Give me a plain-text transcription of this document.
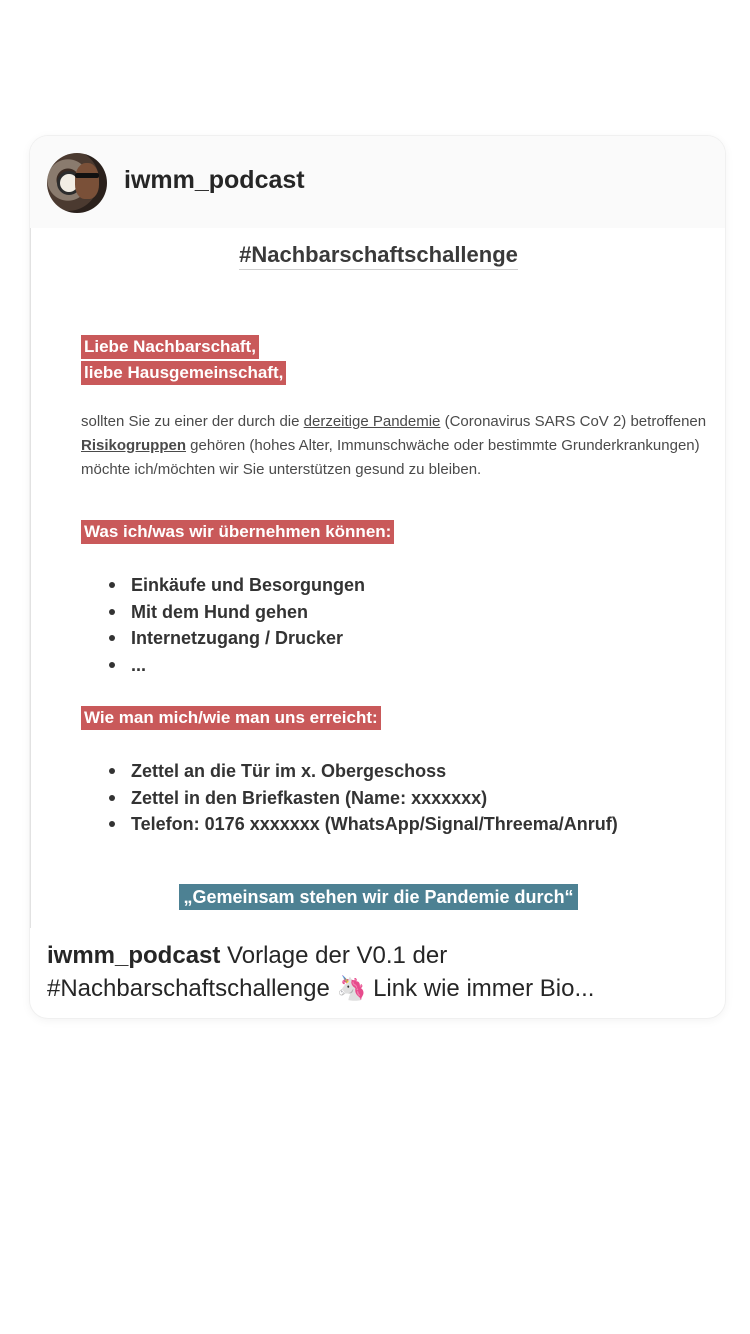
iwmm_podcast
#Nachbarschaftschallenge
Liebe Nachbarschaft,
liebe Hausgemeinschaft,
sollten Sie zu einer der durch die derzeitige Pandemie (Coronavirus SARS CoV 2) betroffenen Risikogruppen gehören (hohes Alter, Immunschwäche oder bestimmte Grunderkrankungen) möchte ich/möchten wir Sie unterstützen gesund zu bleiben.
Was ich/was wir übernehmen können:
Einkäufe und Besorgungen
Mit dem Hund gehen
Internetzugang / Drucker
...
Wie man mich/wie man uns erreicht:
Zettel an die Tür im x. Obergeschoss
Zettel in den Briefkasten (Name: xxxxxxx)
Telefon: 0176 xxxxxxx (WhatsApp/Signal/Threema/Anruf)
„Gemeinsam stehen wir die Pandemie durch“
iwmm_podcast Vorlage der V0.1 der #Nachbarschaftschallenge 🦄 Link wie immer Bio...
